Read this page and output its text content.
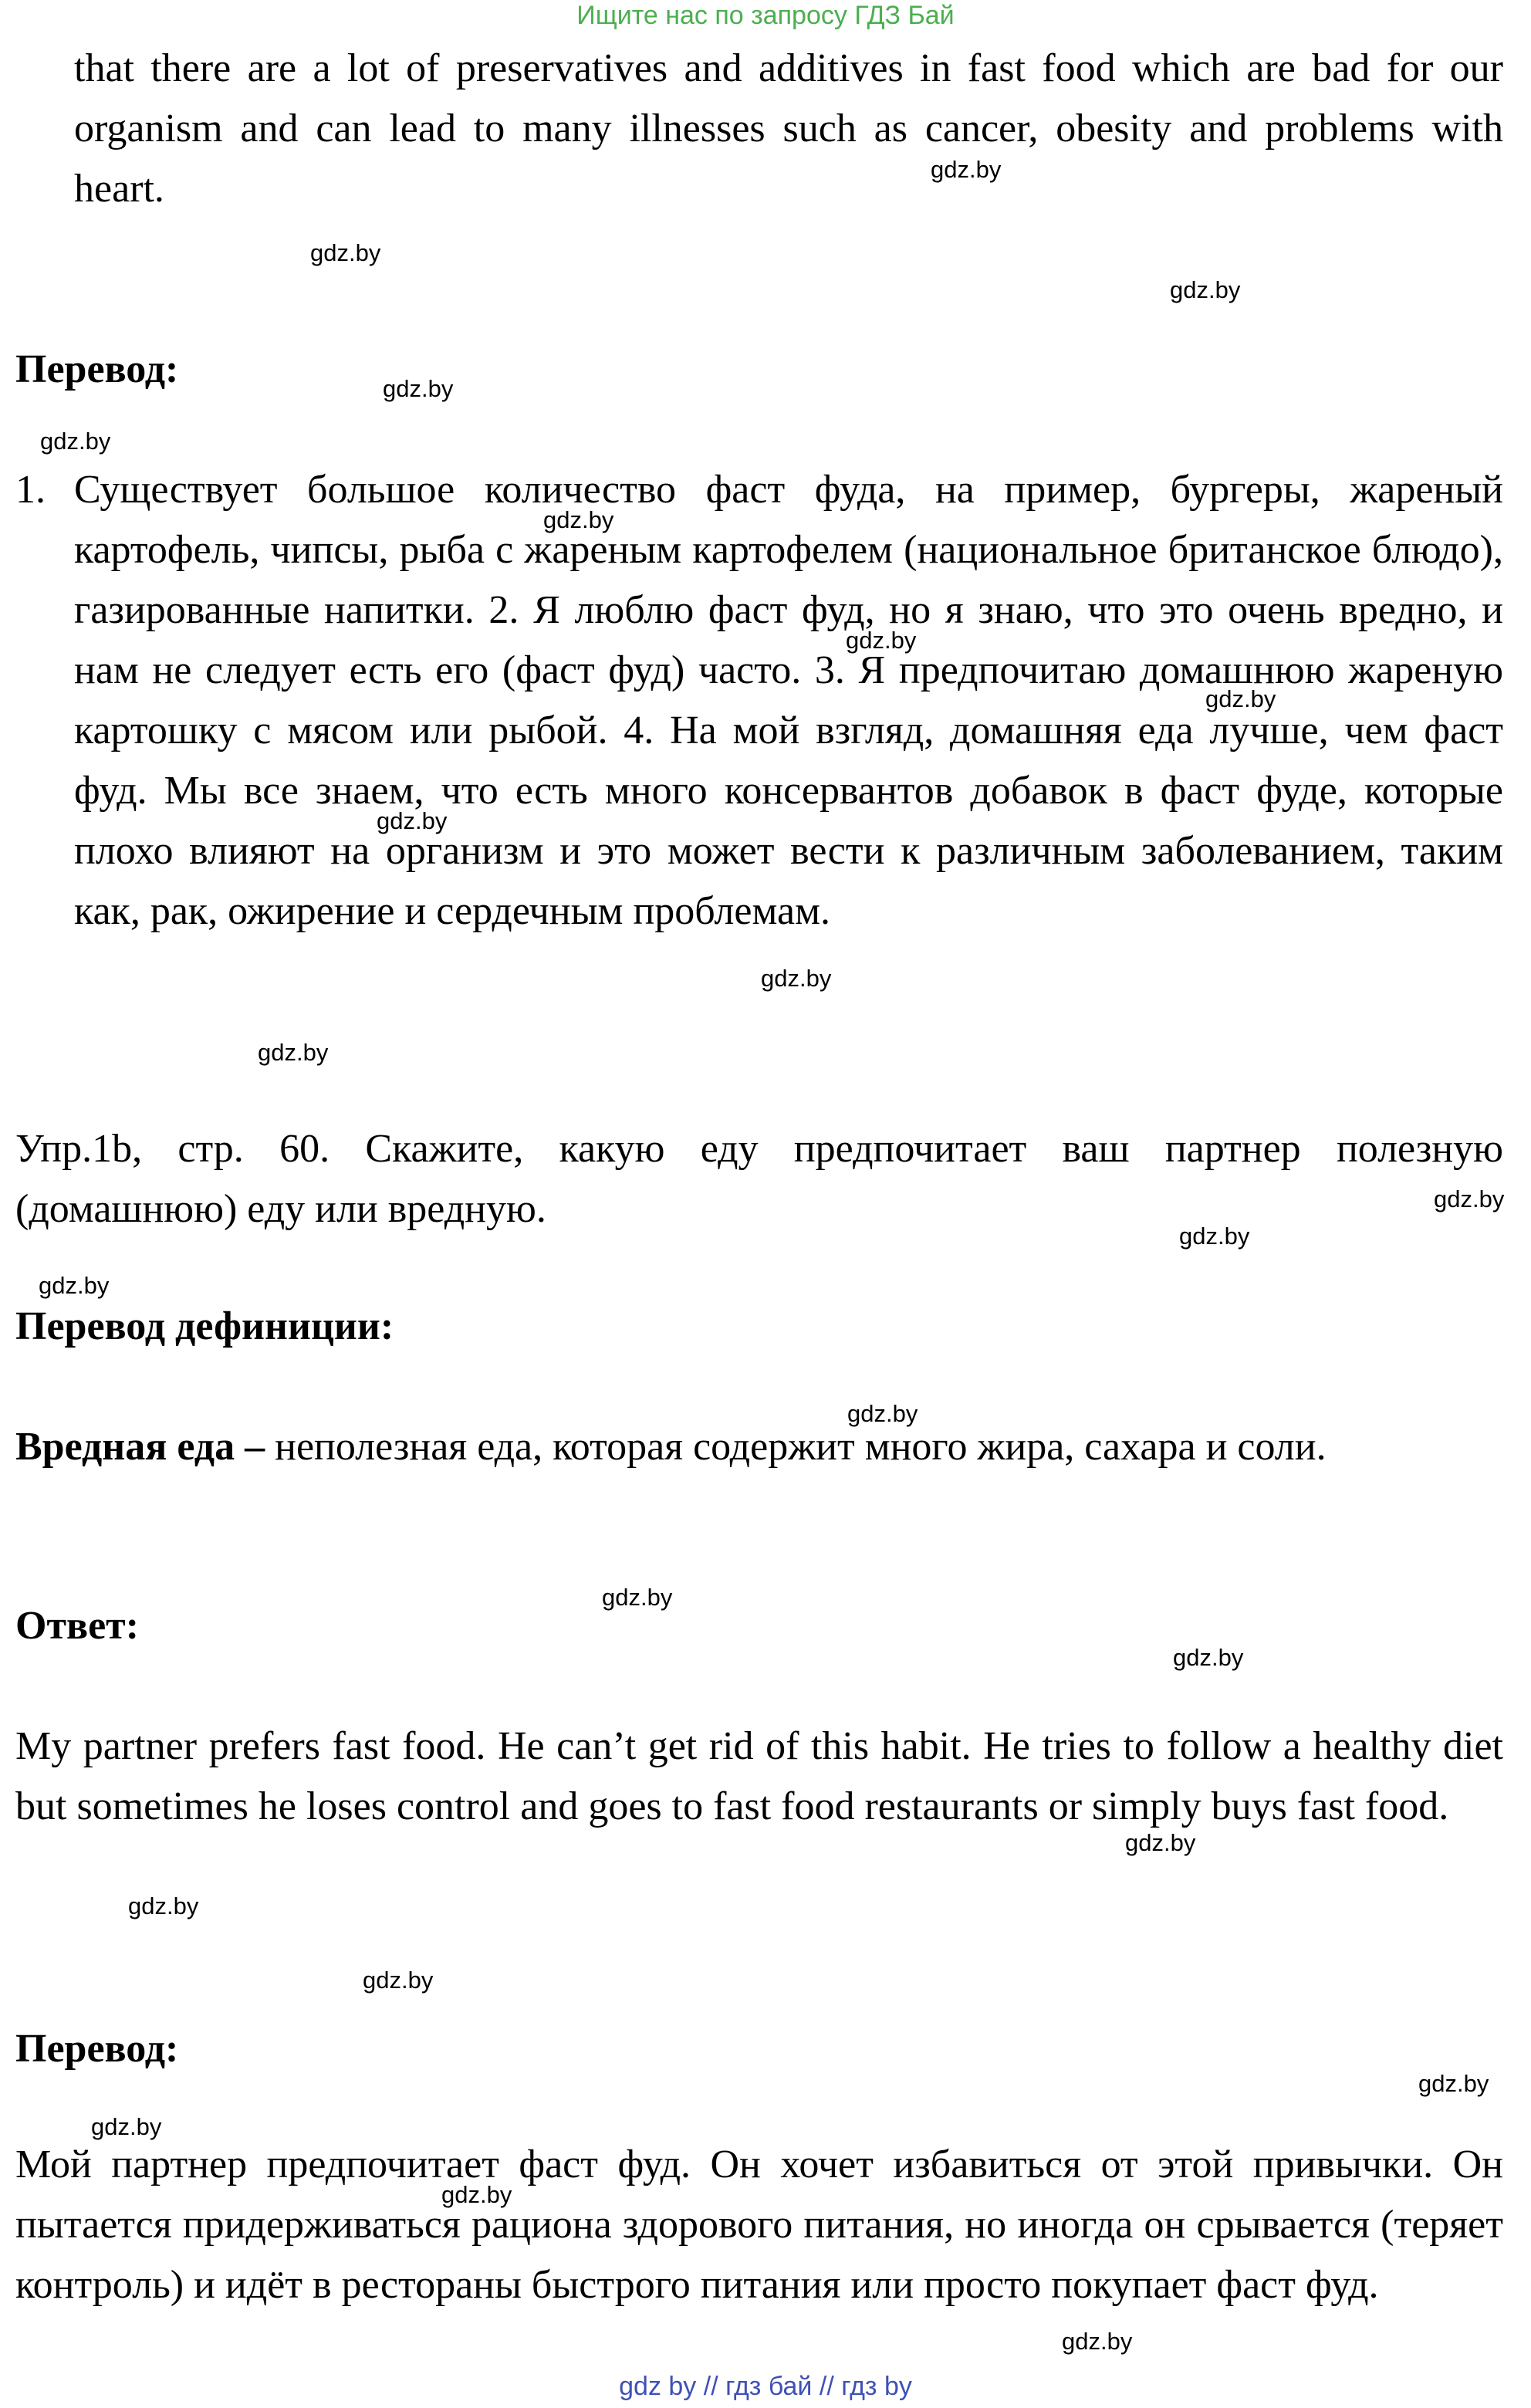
Ищите нас по запросу ГДЗ Бай

that there are a lot of preservatives and additives in fast food which are bad for our organism and can lead to many illnesses such as cancer, obesity and problems with heart.

Перевод:
1. Существует большое количество фаст фуда, на пример, бургеры, жареный картофель, чипсы, рыба с жареным картофелем (национальное британское блюдо), газированные напитки. 2. Я люблю фаст фуд, но я знаю, что это очень вредно, и нам не следует есть его (фаст фуд) часто. 3. Я предпочитаю домашнюю жареную картошку с мясом или рыбой. 4. На мой взгляд, домашняя еда лучше, чем фаст фуд. Мы все знаем, что есть много консервантов добавок в фаст фуде, которые плохо влияют на организм и это может вести к различным заболеванием, таким как, рак, ожирение и сердечным проблемам.

Упр.1b, стр. 60. Скажите, какую еду предпочитает ваш партнер полезную (домашнюю) еду или вредную.

Перевод дефиниции:

Вредная еда – неполезная еда, которая содержит много жира, сахара и соли.

Ответ:

My partner prefers fast food. He can’t get rid of this habit. He tries to follow a healthy diet but sometimes he loses control and goes to fast food restaurants or simply buys fast food.

Перевод:

Мой партнер предпочитает фаст фуд. Он хочет избавиться от этой привычки. Он пытается придерживаться рациона здорового питания, но иногда он срывается (теряет контроль) и идёт в рестораны быстрого питания или просто покупает фаст фуд.

gdz.by
gdz.by
gdz.by
gdz.by
gdz.by
gdz.by
gdz.by
gdz.by
gdz.by
gdz.by
gdz.by
gdz.by
gdz.by
gdz.by
gdz.by
gdz.by
gdz.by
gdz.by
gdz.by
gdz.by
gdz.by
gdz.by
gdz.by
gdz.by
gdz by // гдз бай // гдз by
